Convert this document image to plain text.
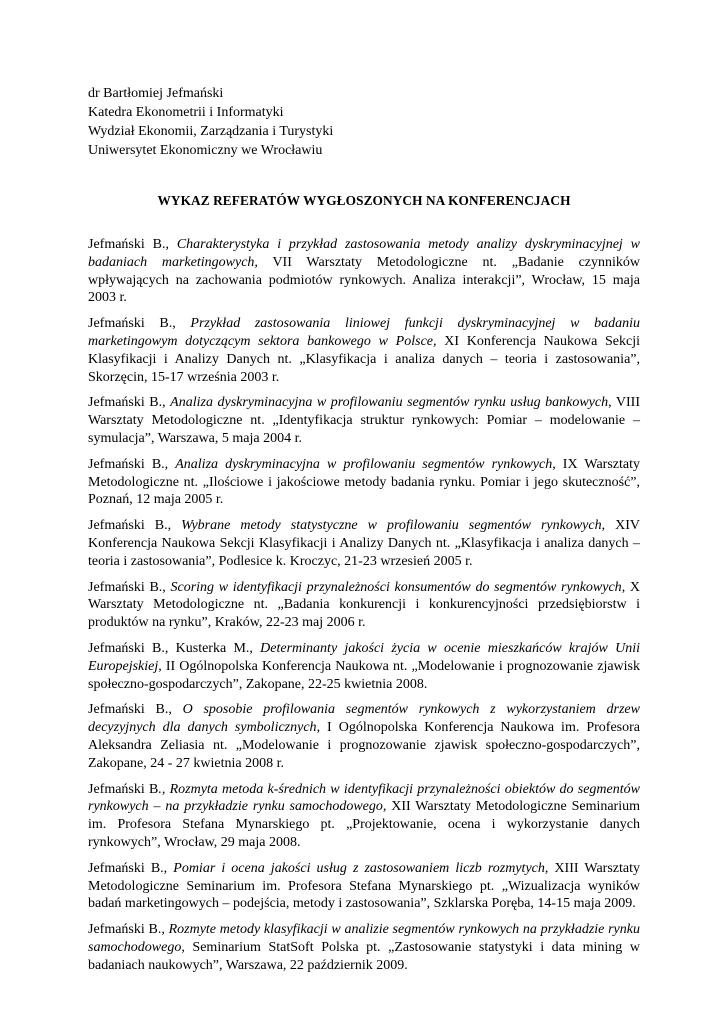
dr Bartłomiej Jefmański
Katedra Ekonometrii i Informatyki
Wydział Ekonomii, Zarządzania i Turystyki
Uniwersytet Ekonomiczny we Wrocławiu
WYKAZ REFERATÓW WYGŁOSZONYCH NA KONFERENCJACH

Jefmański B., Charakterystyka i przykład zastosowania metody analizy dyskryminacyjnej w badaniach marketingowych, VII Warsztaty Metodologiczne nt. „Badanie czynników wpływających na zachowania podmiotów rynkowych. Analiza interakcji”, Wrocław, 15 maja 2003 r.

Jefmański B., Przykład zastosowania liniowej funkcji dyskryminacyjnej w badaniu marketingowym dotyczącym sektora bankowego w Polsce, XI Konferencja Naukowa Sekcji Klasyfikacji i Analizy Danych nt. „Klasyfikacja i analiza danych – teoria i zastosowania”, Skorzęcin, 15-17 września 2003 r.

Jefmański B., Analiza dyskryminacyjna w profilowaniu segmentów rynku usług bankowych, VIII Warsztaty Metodologiczne nt. „Identyfikacja struktur rynkowych: Pomiar – modelowanie – symulacja”, Warszawa, 5 maja 2004 r.

Jefmański B., Analiza dyskryminacyjna w profilowaniu segmentów rynkowych, IX Warsztaty Metodologiczne nt. „Ilościowe i jakościowe metody badania rynku. Pomiar i jego skuteczność”, Poznań, 12 maja 2005 r.

Jefmański B., Wybrane metody statystyczne w profilowaniu segmentów rynkowych, XIV Konferencja Naukowa Sekcji Klasyfikacji i Analizy Danych nt. „Klasyfikacja i analiza danych – teoria i zastosowania”, Podlesice k. Kroczyc, 21-23 wrzesień 2005 r.

Jefmański B., Scoring w identyfikacji przynależności konsumentów do segmentów rynkowych, X Warsztaty Metodologiczne nt. „Badania konkurencji i konkurencyjności przedsiębiorstw i produktów na rynku”, Kraków, 22-23 maj 2006 r.

Jefmański B., Kusterka M., Determinanty jakości życia w ocenie mieszkańców krajów Unii Europejskiej, II Ogólnopolska Konferencja Naukowa nt. „Modelowanie i prognozowanie zjawisk społeczno-gospodarczych”, Zakopane, 22-25 kwietnia 2008.

Jefmański B., O sposobie profilowania segmentów rynkowych z wykorzystaniem drzew decyzyjnych dla danych symbolicznych, I Ogólnopolska Konferencja Naukowa im. Profesora Aleksandra Zeliasia nt. „Modelowanie i prognozowanie zjawisk społeczno-gospodarczych”, Zakopane, 24 - 27 kwietnia 2008 r.

Jefmański B., Rozmyta metoda k-średnich w identyfikacji przynależności obiektów do segmentów rynkowych – na przykładzie rynku samochodowego, XII Warsztaty Metodologiczne Seminarium im. Profesora Stefana Mynarskiego pt. „Projektowanie, ocena i wykorzystanie danych rynkowych”, Wrocław, 29 maja 2008.

Jefmański B., Pomiar i ocena jakości usług z zastosowaniem liczb rozmytych, XIII Warsztaty Metodologiczne Seminarium im. Profesora Stefana Mynarskiego pt. „Wizualizacja wyników badań marketingowych – podejścia, metody i zastosowania”, Szklarska Poręba, 14-15 maja 2009.

Jefmański B., Rozmyte metody klasyfikacji w analizie segmentów rynkowych na przykładzie rynku samochodowego, Seminarium StatSoft Polska pt. „Zastosowanie statystyki i data mining w badaniach naukowych”, Warszawa, 22 październik 2009.
